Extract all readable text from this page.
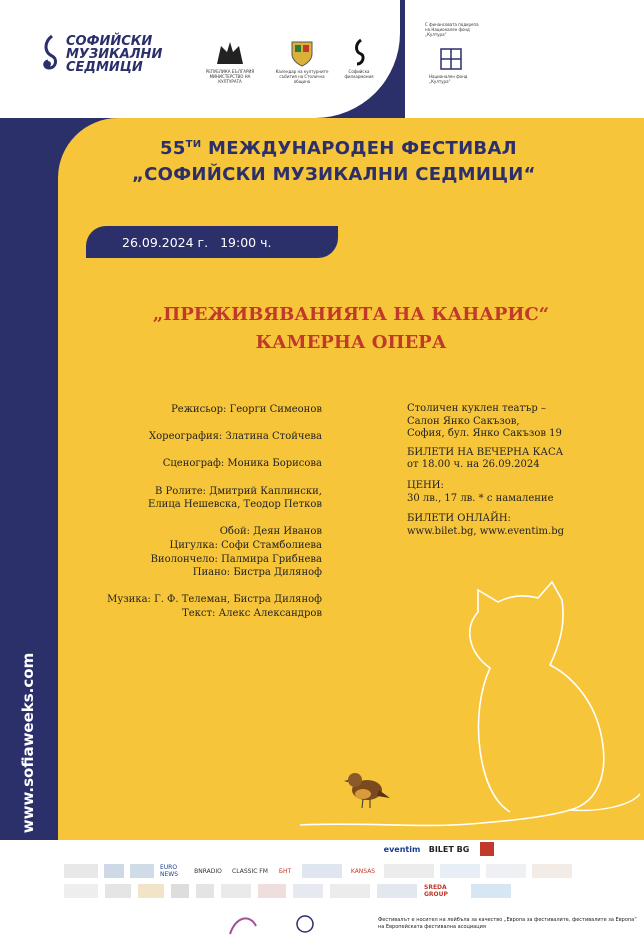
СОФИЙСКИ
МУЗИКАЛНИ
СЕДМИЦИ	РЕПУБЛИКА БЪЛГАРИЯ МИНИСТЕРСТВО НА КУЛТУРАТА
Календар на културните събития на Столична община
Софийска филхармония
С финансовата подкрепа на Национален фонд „Култура“
Национален фонд „Култура“
$55^{ТИ}$ МЕЖДУНАРОДЕН ФЕСТИВАЛ
„СОФИЙСКИ МУЗИКАЛНИ СЕДМИЦИ“
26.09.2024 г. 19:00 ч.
„ПРЕЖИВЯВАНИЯТА НА КАНАРИС“
КАМЕРНА ОПЕРА
Режисьор: Георги Симеонов

Хореография: Златина Стойчева

Сценограф: Моника Борисова

В Ролите: Дмитрий Каплински,
Елица Нешевска, Теодор Петков

Обой: Деян Иванов
Цигулка: Софи Стамболиева
Виолончело: Палмира Грибнева
Пиано: Бистра Диляноф

Музика: Г. Ф. Телеман, Бистра Диляноф
Текст: Алекс Александров
Столичен куклен театър –
Салон Янко Сакъзов,
София, бул. Янко Сакъзов 19
БИЛЕТИ НА ВЕЧЕРНА КАСА
от 18.00 ч. на 26.09.2024
ЦЕНИ:
30 лв., 17 лв. * с намаление
БИЛЕТИ ОНЛАЙН:
www.bilet.bg, www.eventim.bg
www.sofiaweeks.com
eventim	BILET BG
EURO NEWS	BNRADIO	CLASSIC FM	БНТ	KANSAS
SREDA GROUP
Фестивалът е носител на лейбъла за качество „Европа за фестивалите, фестивалите за Европа“ на Европейската фестивална асоциация
